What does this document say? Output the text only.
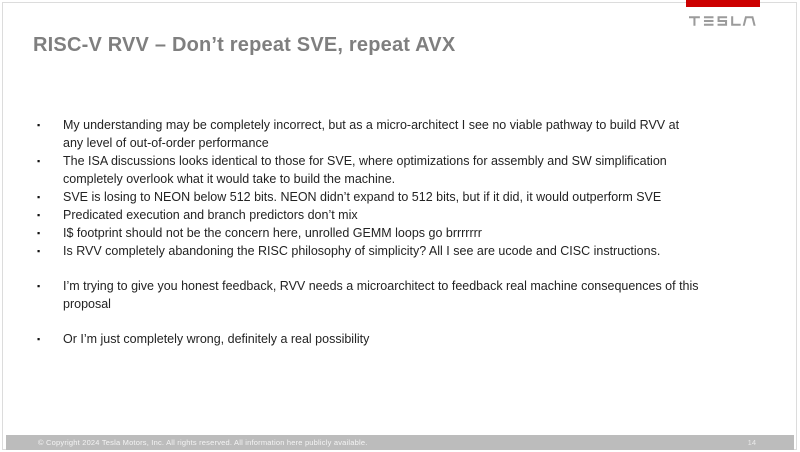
RISC-V RVV – Don’t repeat SVE, repeat AVX
▪	My understanding may be completely incorrect, but as a micro-architect I see no viable pathway to build RVV at
any level of out-of-order performance
▪	The ISA discussions looks identical to those for SVE, where optimizations for assembly and SW simplification
completely overlook what it would take to build the machine.
▪	SVE is losing to NEON below 512 bits. NEON didn’t expand to 512 bits, but if it did, it would outperform SVE
▪	Predicated execution and branch predictors don’t mix
▪	I$ footprint should not be the concern here, unrolled GEMM loops go brrrrrrr
▪	Is RVV completely abandoning the RISC philosophy of simplicity? All I see are ucode and CISC instructions.
▪	I’m trying to give you honest feedback, RVV needs a microarchitect to feedback real machine consequences of this
proposal
▪	Or I’m just completely wrong, definitely a real possibility
© Copyright 2024 Tesla Motors, Inc. All rights reserved. All information here publicly available.	14
